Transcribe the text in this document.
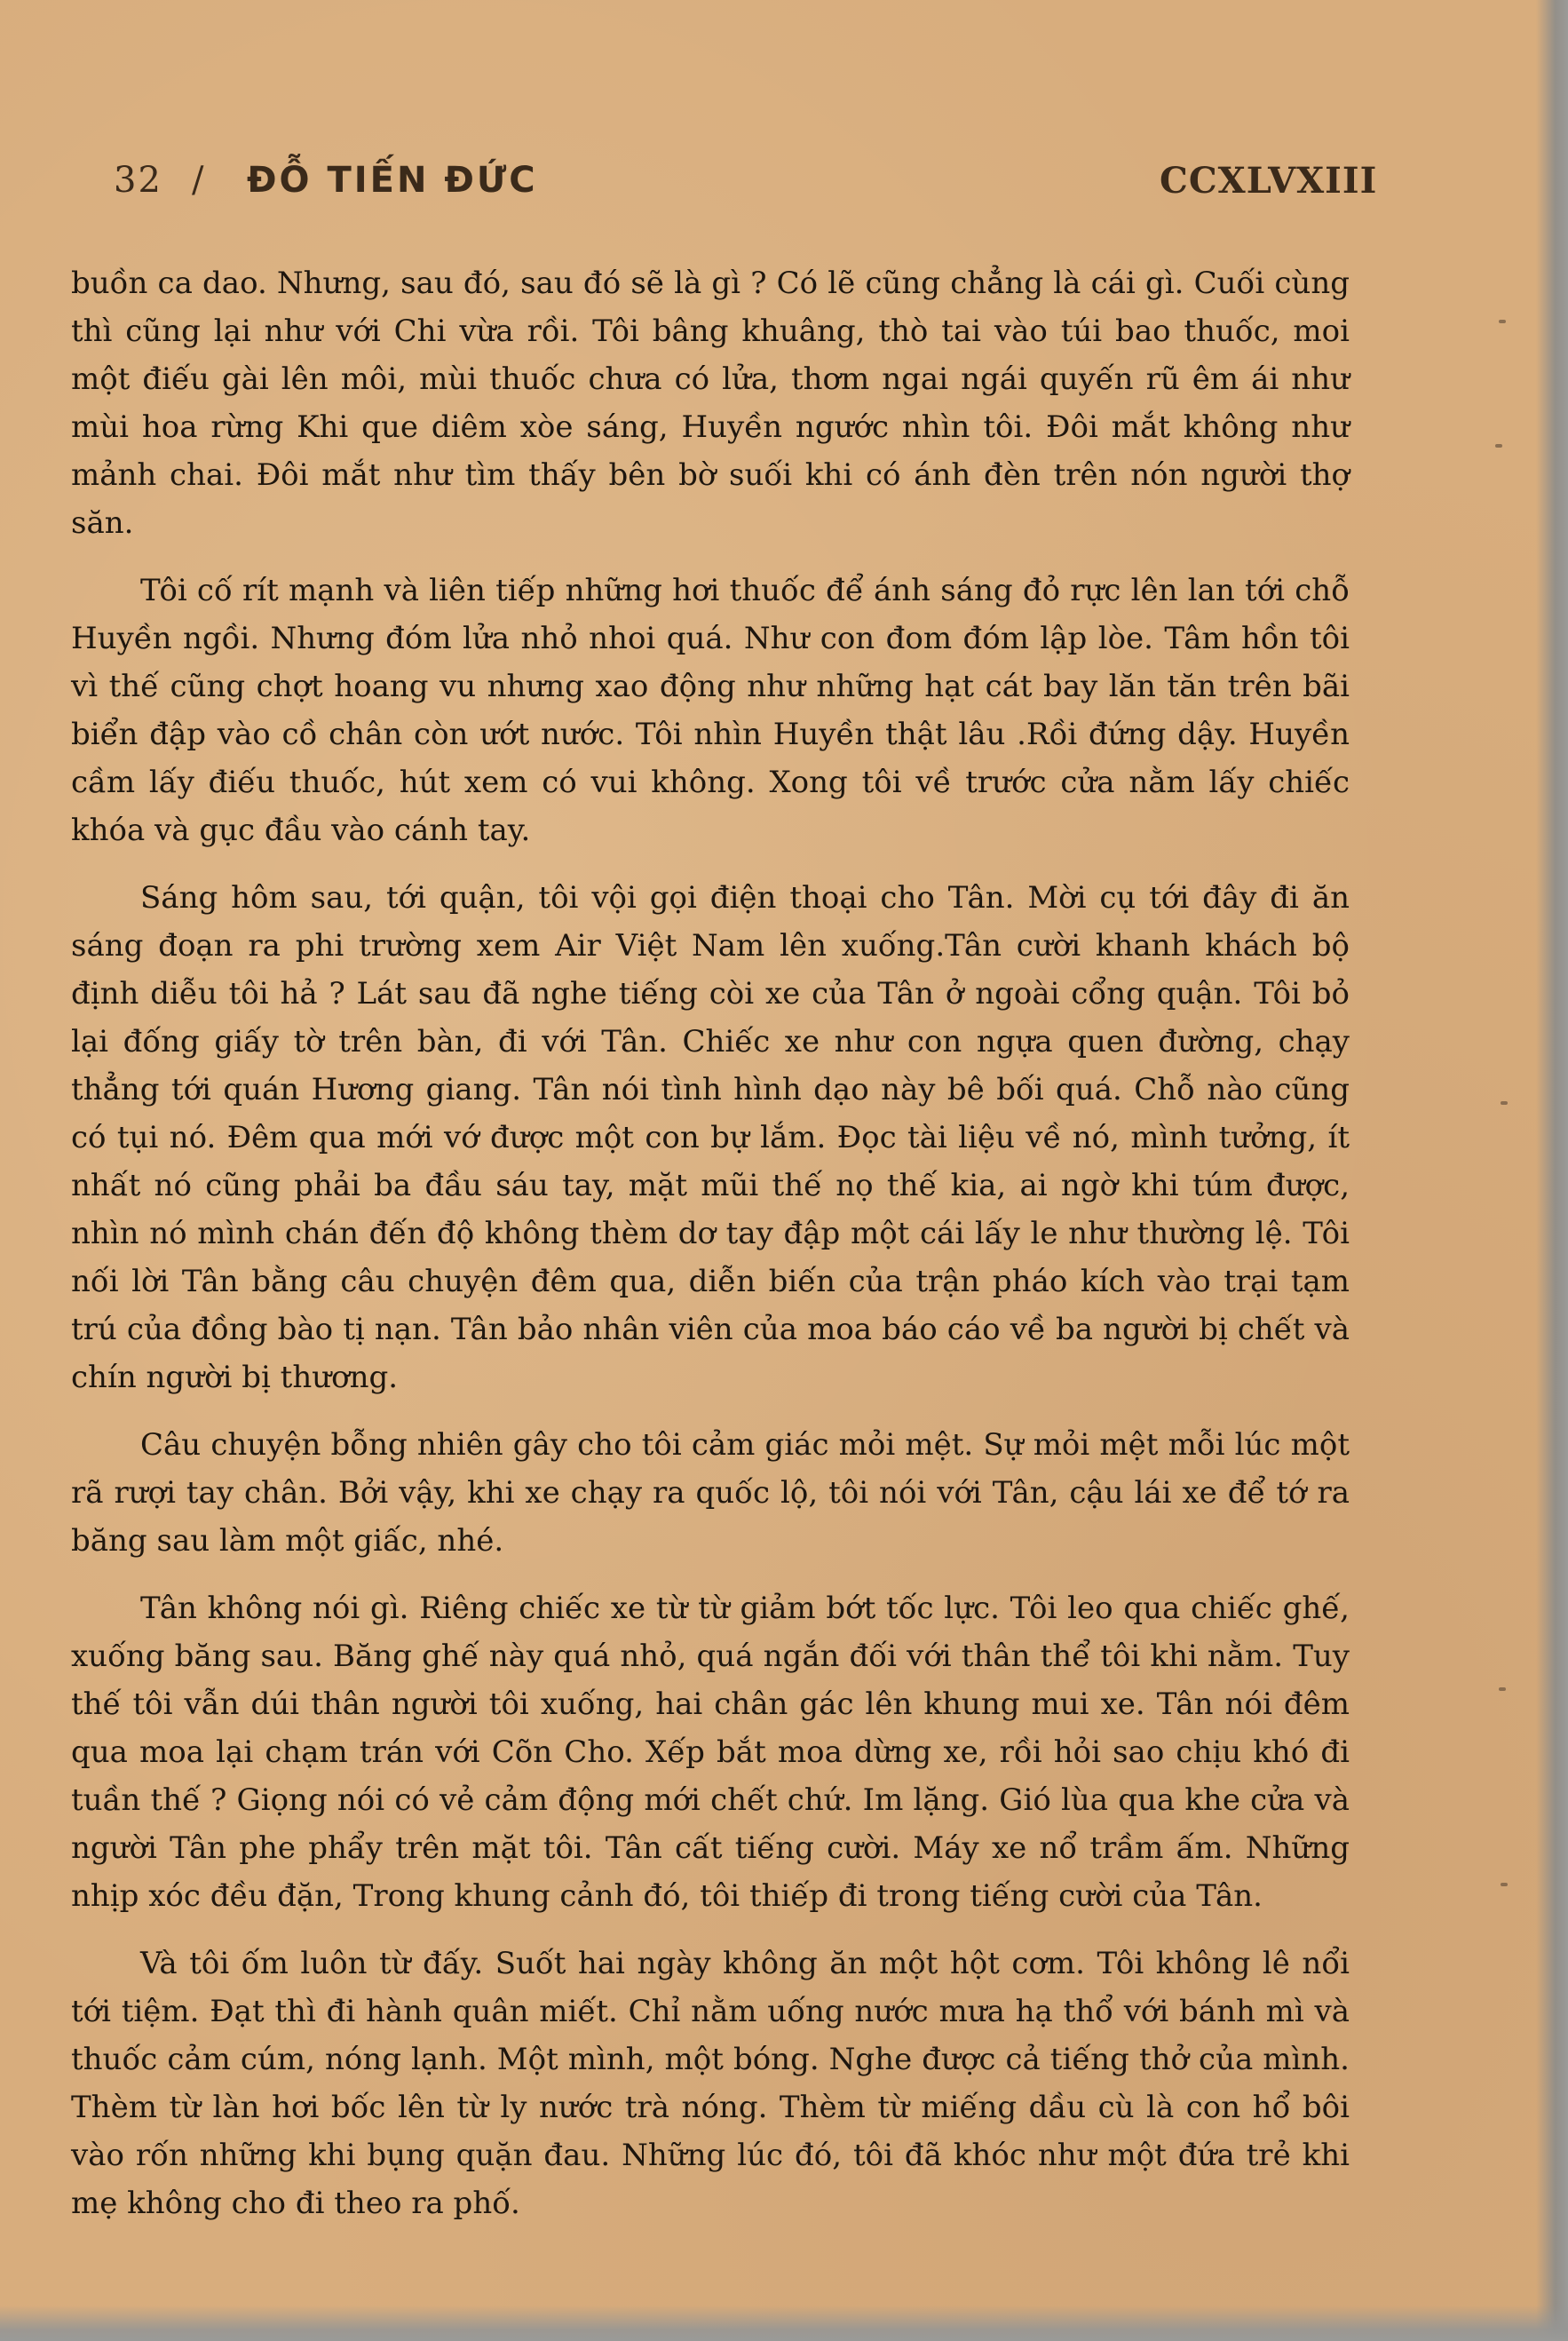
32 / ĐỖ TIẾN ĐỨC	CCXLVXIII

buồn ca dao. Nhưng, sau đó, sau đó sẽ là gì ? Có lẽ cũng chẳng là cái gì. Cuối cùng thì cũng lại như với Chi vừa rồi. Tôi bâng khuâng, thò tai vào túi bao thuốc, moi một điếu gài lên môi, mùi thuốc chưa có lửa, thơm ngai ngái quyến rũ êm ái như mùi hoa rừng Khi que diêm xòe sáng, Huyền ngước nhìn tôi. Đôi mắt không như mảnh chai. Đôi mắt như tìm thấy bên bờ suối khi có ánh đèn trên nón người thợ săn.

Tôi cố rít mạnh và liên tiếp những hơi thuốc để ánh sáng đỏ rực lên lan tới chỗ Huyền ngồi. Nhưng đóm lửa nhỏ nhoi quá. Như con đom đóm lập lòe. Tâm hồn tôi vì thế cũng chợt hoang vu nhưng xao động như những hạt cát bay lăn tăn trên bãi biển đập vào cồ chân còn ướt nước. Tôi nhìn Huyền thật lâu .Rồi đứng dậy. Huyền cầm lấy điếu thuốc, hút xem có vui không. Xong tôi về trước cửa nằm lấy chiếc khóa và gục đầu vào cánh tay.

Sáng hôm sau, tới quận, tôi vội gọi điện thoại cho Tân. Mời cụ tới đây đi ăn sáng đoạn ra phi trường xem Air Việt Nam lên xuống.Tân cười khanh khách bộ định diễu tôi hả ? Lát sau đã nghe tiếng còi xe của Tân ở ngoài cổng quận. Tôi bỏ lại đống giấy tờ trên bàn, đi với Tân. Chiếc xe như con ngựa quen đường, chạy thẳng tới quán Hương giang. Tân nói tình hình dạo này bê bối quá. Chỗ nào cũng có tụi nó. Đêm qua mới vớ được một con bự lắm. Đọc tài liệu về nó, mình tưởng, ít nhất nó cũng phải ba đầu sáu tay, mặt mũi thế nọ thế kia, ai ngờ khi túm được, nhìn nó mình chán đến độ không thèm dơ tay đập một cái lấy le như thường lệ. Tôi nối lời Tân bằng câu chuyện đêm qua, diễn biến của trận pháo kích vào trại tạm trú của đồng bào tị nạn. Tân bảo nhân viên của moa báo cáo về ba người bị chết và chín người bị thương.

Câu chuyện bỗng nhiên gây cho tôi cảm giác mỏi mệt. Sự mỏi mệt mỗi lúc một rã rượi tay chân. Bởi vậy, khi xe chạy ra quốc lộ, tôi nói với Tân, cậu lái xe để tớ ra băng sau làm một giấc, nhé.

Tân không nói gì. Riêng chiếc xe từ từ giảm bớt tốc lực. Tôi leo qua chiếc ghế, xuống băng sau. Băng ghế này quá nhỏ, quá ngắn đối với thân thể tôi khi nằm. Tuy thế tôi vẫn dúi thân người tôi xuống, hai chân gác lên khung mui xe. Tân nói đêm qua moa lại chạm trán với Cõn Cho. Xếp bắt moa dừng xe, rồi hỏi sao chịu khó đi tuần thế ? Giọng nói có vẻ cảm động mới chết chứ. Im lặng. Gió lùa qua khe cửa và người Tân phe phẩy trên mặt tôi. Tân cất tiếng cười. Máy xe nổ trầm ấm. Những nhịp xóc đều đặn, Trong khung cảnh đó, tôi thiếp đi trong tiếng cười của Tân.

Và tôi ốm luôn từ đấy. Suốt hai ngày không ăn một hột cơm. Tôi không lê nổi tới tiệm. Đạt thì đi hành quân miết. Chỉ nằm uống nước mưa hạ thổ với bánh mì và thuốc cảm cúm, nóng lạnh. Một mình, một bóng. Nghe được cả tiếng thở của mình. Thèm từ làn hơi bốc lên từ ly nước trà nóng. Thèm từ miếng dầu cù là con hổ bôi vào rốn những khi bụng quặn đau. Những lúc đó, tôi đã khóc như một đứa trẻ khi mẹ không cho đi theo ra phố.
